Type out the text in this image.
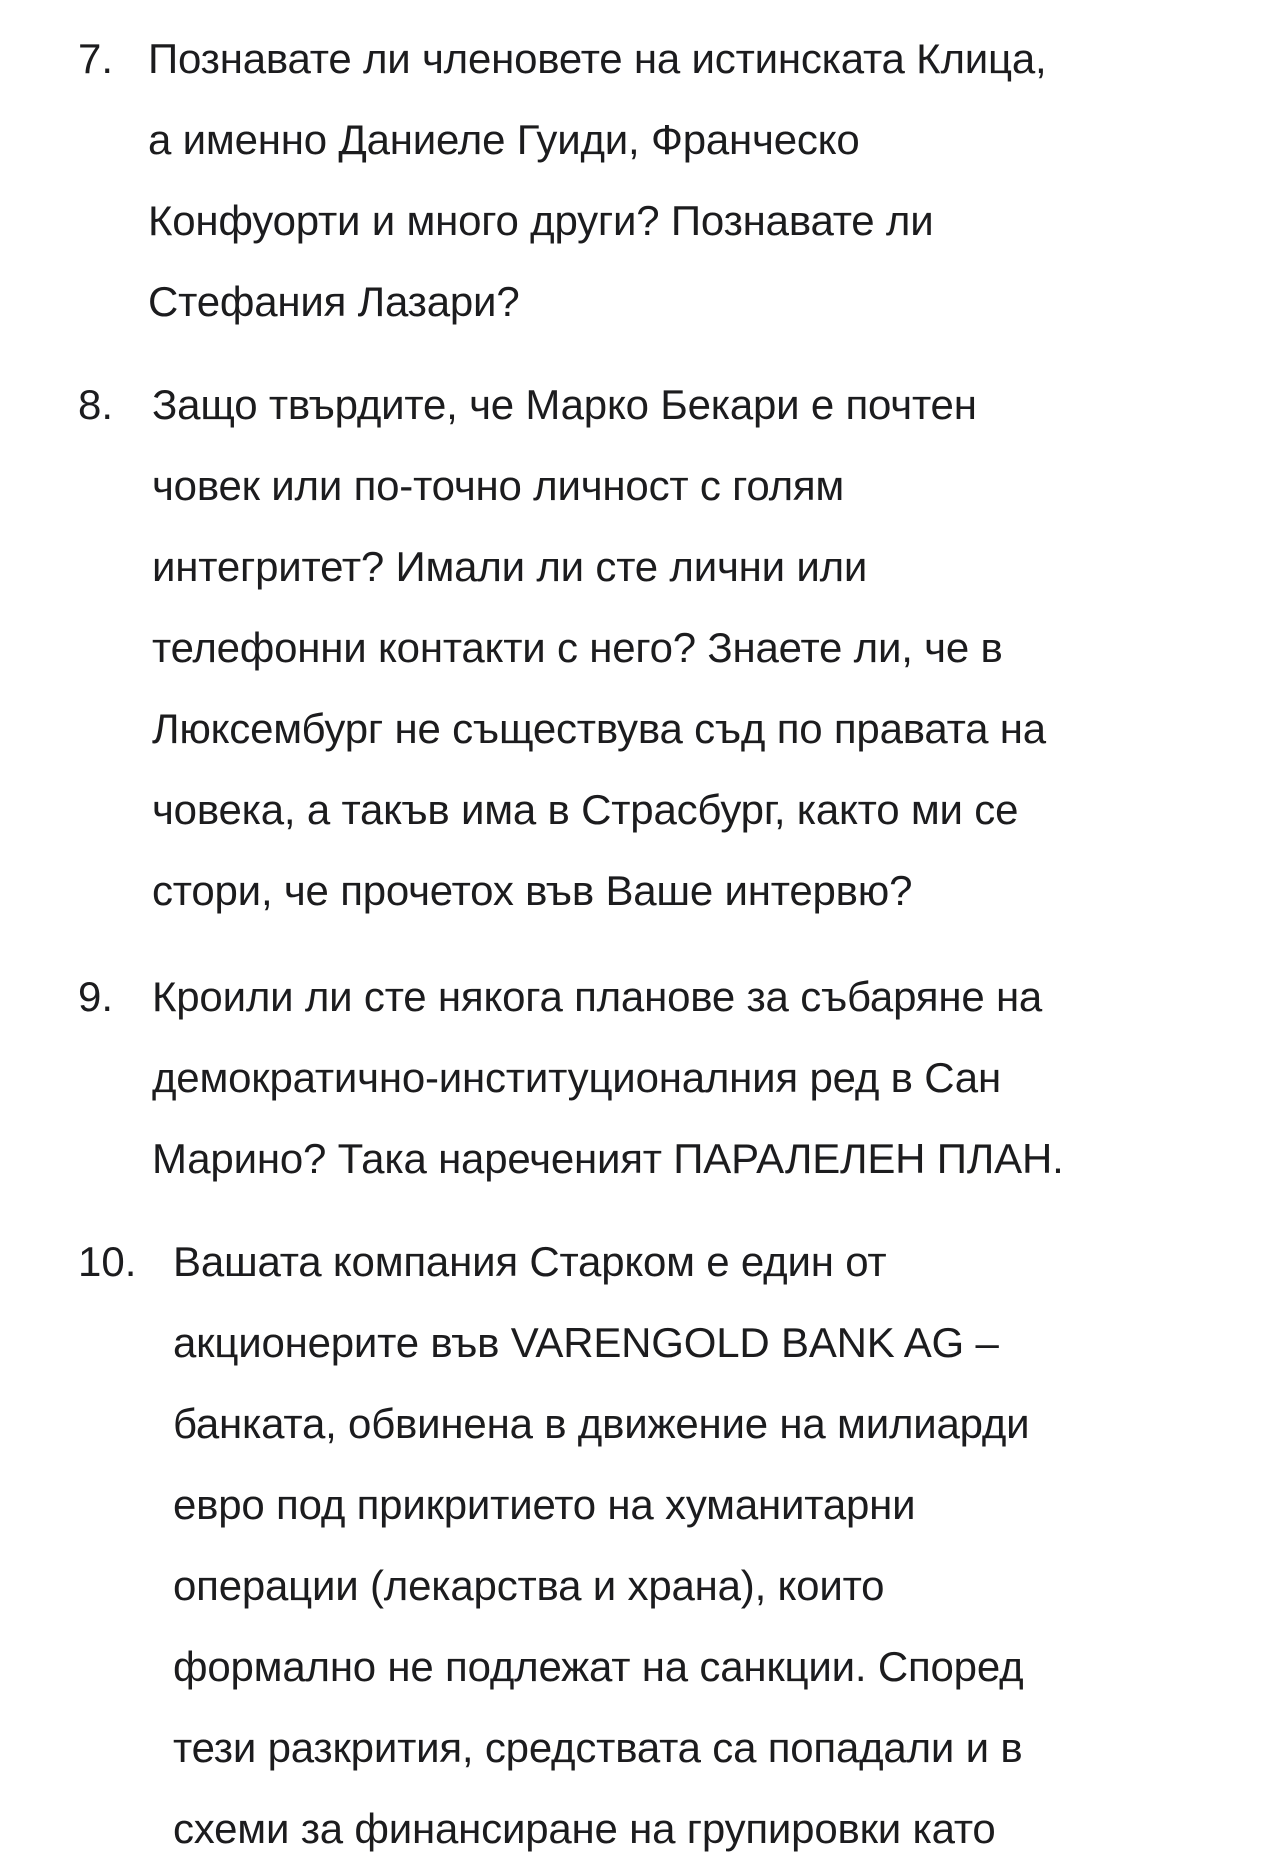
7. Познавате ли членовете на истинската Клица,
а именно Даниеле Гуиди, Франческо
Конфуорти и много други? Познавате ли
Стефания Лазари?
8. Защо твърдите, че Марко Бекари е почтен
човек или по-точно личност с голям
интегритет? Имали ли сте лични или
телефонни контакти с него? Знаете ли, че в
Люксембург не съществува съд по правата на
човека, а такъв има в Страсбург, както ми се
стори, че прочетох във Ваше интервю?
9. Кроили ли сте някога планове за събаряне на
демократично-институционалния ред в Сан
Марино? Така нареченият ПАРАЛЕЛЕН ПЛАН.
10. Вашата компания Старком е един от
акционерите във VARENGOLD BANK AG –
банката, обвинена в движение на милиарди
евро под прикритието на хуманитарни
операции (лекарства и храна), които
формално не подлежат на санкции. Според
тези разкрития, средствата са попадали и в
схеми за финансиране на групировки като
